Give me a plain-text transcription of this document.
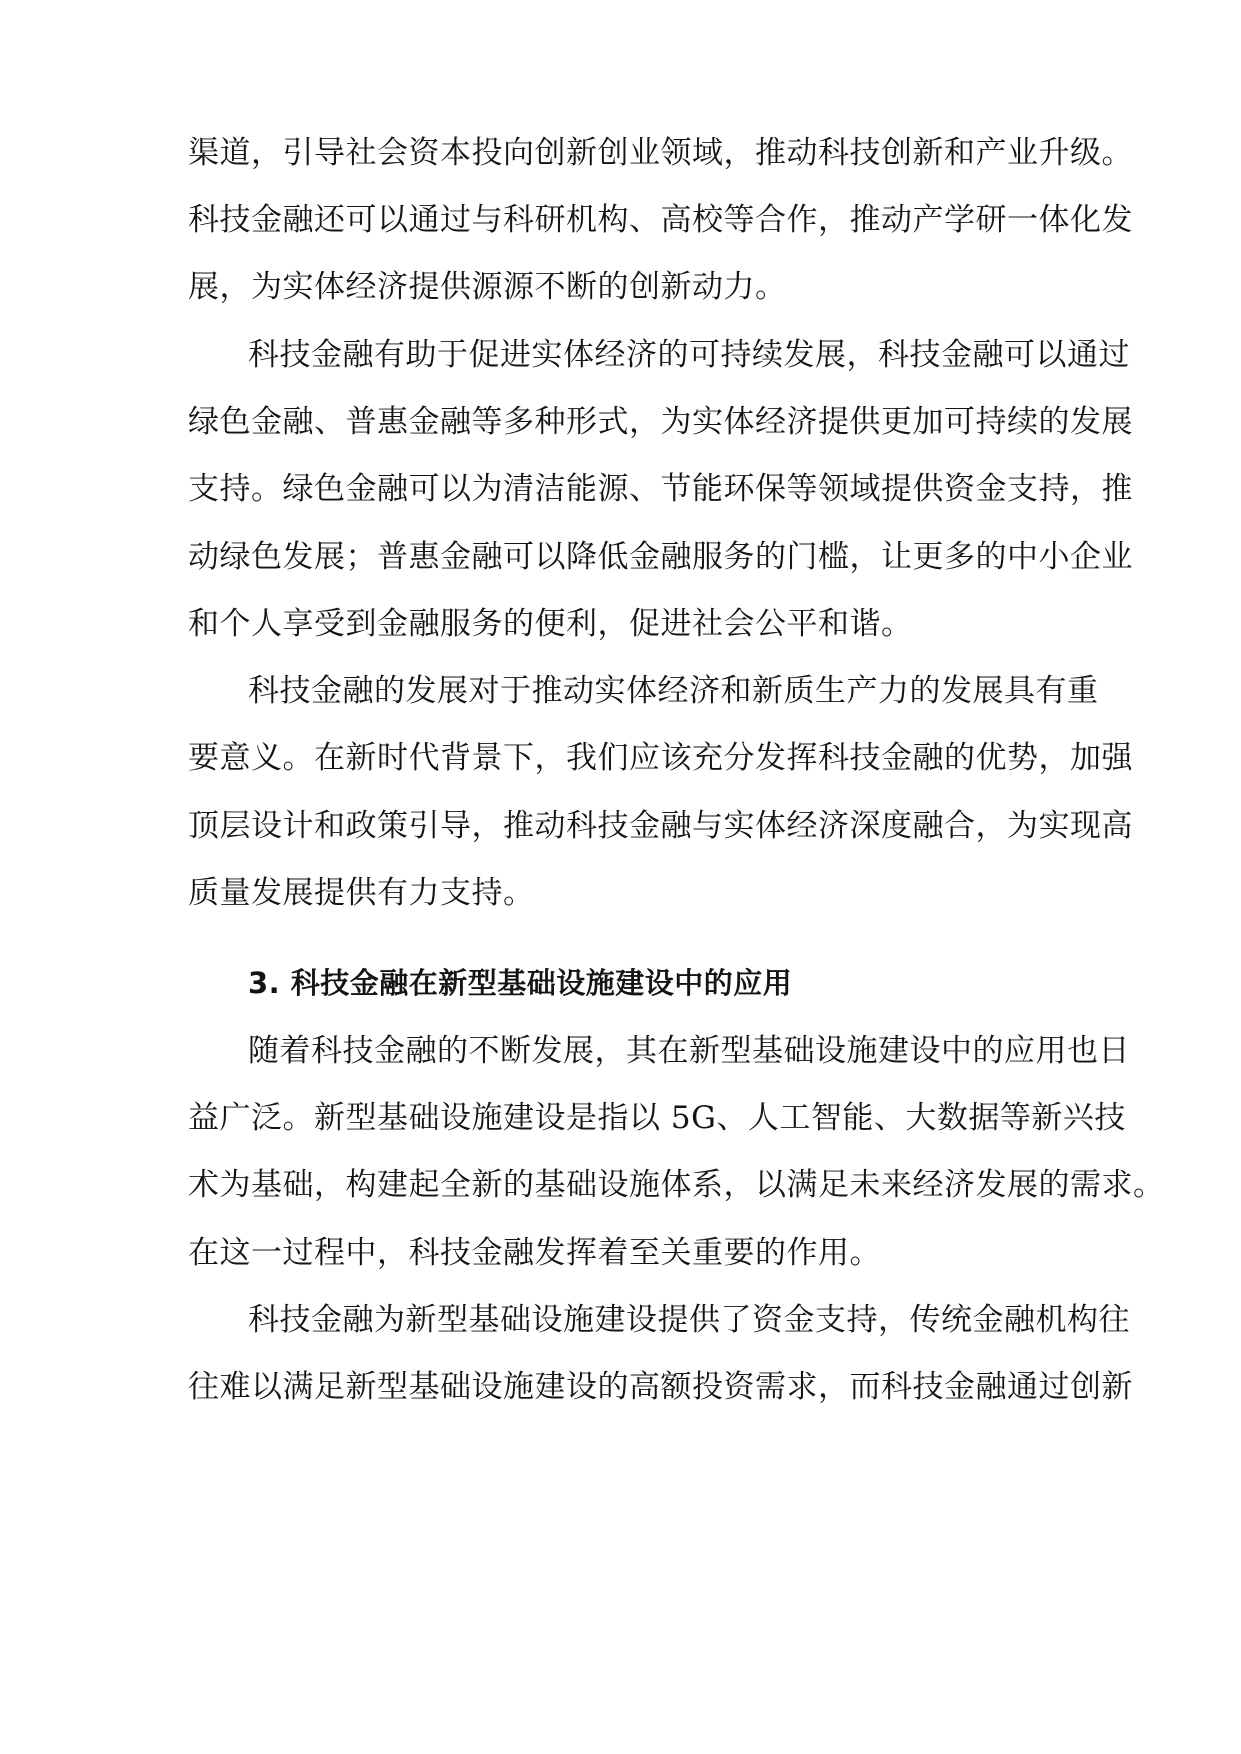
渠道，引导社会资本投向创新创业领域，推动科技创新和产业升级。

科技金融还可以通过与科研机构、高校等合作，推动产学研一体化发

展，为实体经济提供源源不断的创新动力。

科技金融有助于促进实体经济的可持续发展，科技金融可以通过

绿色金融、普惠金融等多种形式，为实体经济提供更加可持续的发展

支持。绿色金融可以为清洁能源、节能环保等领域提供资金支持，推

动绿色发展；普惠金融可以降低金融服务的门槛，让更多的中小企业

和个人享受到金融服务的便利，促进社会公平和谐。

科技金融的发展对于推动实体经济和新质生产力的发展具有重

要意义。在新时代背景下，我们应该充分发挥科技金融的优势，加强

顶层设计和政策引导，推动科技金融与实体经济深度融合，为实现高

质量发展提供有力支持。

3. 科技金融在新型基础设施建设中的应用

随着科技金融的不断发展，其在新型基础设施建设中的应用也日

益广泛。新型基础设施建设是指以 5G、人工智能、大数据等新兴技

术为基础，构建起全新的基础设施体系，以满足未来经济发展的需求。

在这一过程中，科技金融发挥着至关重要的作用。

科技金融为新型基础设施建设提供了资金支持，传统金融机构往

往难以满足新型基础设施建设的高额投资需求，而科技金融通过创新
